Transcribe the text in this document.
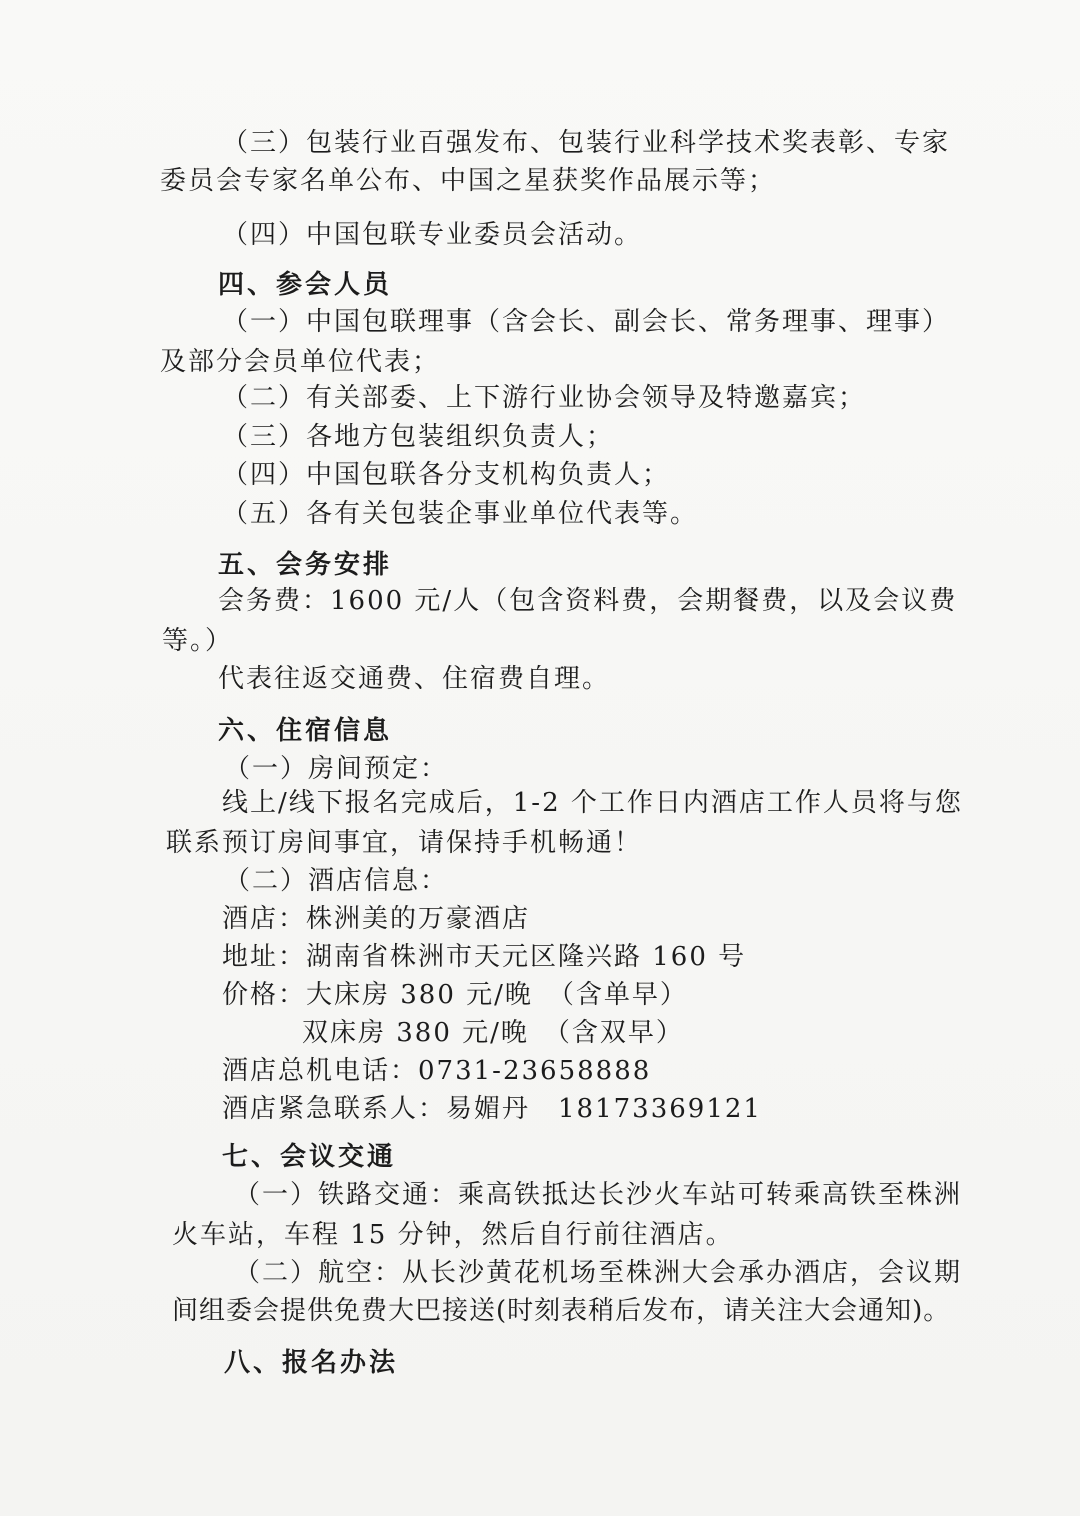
（三）包装行业百强发布、包装行业科学技术奖表彰、专家
委员会专家名单公布、中国之星获奖作品展示等；
（四）中国包联专业委员会活动。
四、参会人员
（一）中国包联理事（含会长、副会长、常务理事、理事）
及部分会员单位代表；
（二）有关部委、上下游行业协会领导及特邀嘉宾；
（三）各地方包装组织负责人；
（四）中国包联各分支机构负责人；
（五）各有关包装企事业单位代表等。
五、会务安排
会务费：1600 元/人（包含资料费，会期餐费，以及会议费
等。）
代表往返交通费、住宿费自理。
六、住宿信息
（一）房间预定：
线上/线下报名完成后，1-2 个工作日内酒店工作人员将与您
联系预订房间事宜，请保持手机畅通！
（二）酒店信息：
酒店：株洲美的万豪酒店
地址：湖南省株洲市天元区隆兴路 160 号
价格：大床房 380 元/晚　（含单早）
双床房 380 元/晚　（含双早）
酒店总机电话：0731-23658888
酒店紧急联系人：易媚丹　18173369121
七、会议交通
（一）铁路交通：乘高铁抵达长沙火车站可转乘高铁至株洲
火车站，车程 15 分钟，然后自行前往酒店。
（二）航空：从长沙黄花机场至株洲大会承办酒店，会议期
间组委会提供免费大巴接送(时刻表稍后发布，请关注大会通知)。
八、报名办法
